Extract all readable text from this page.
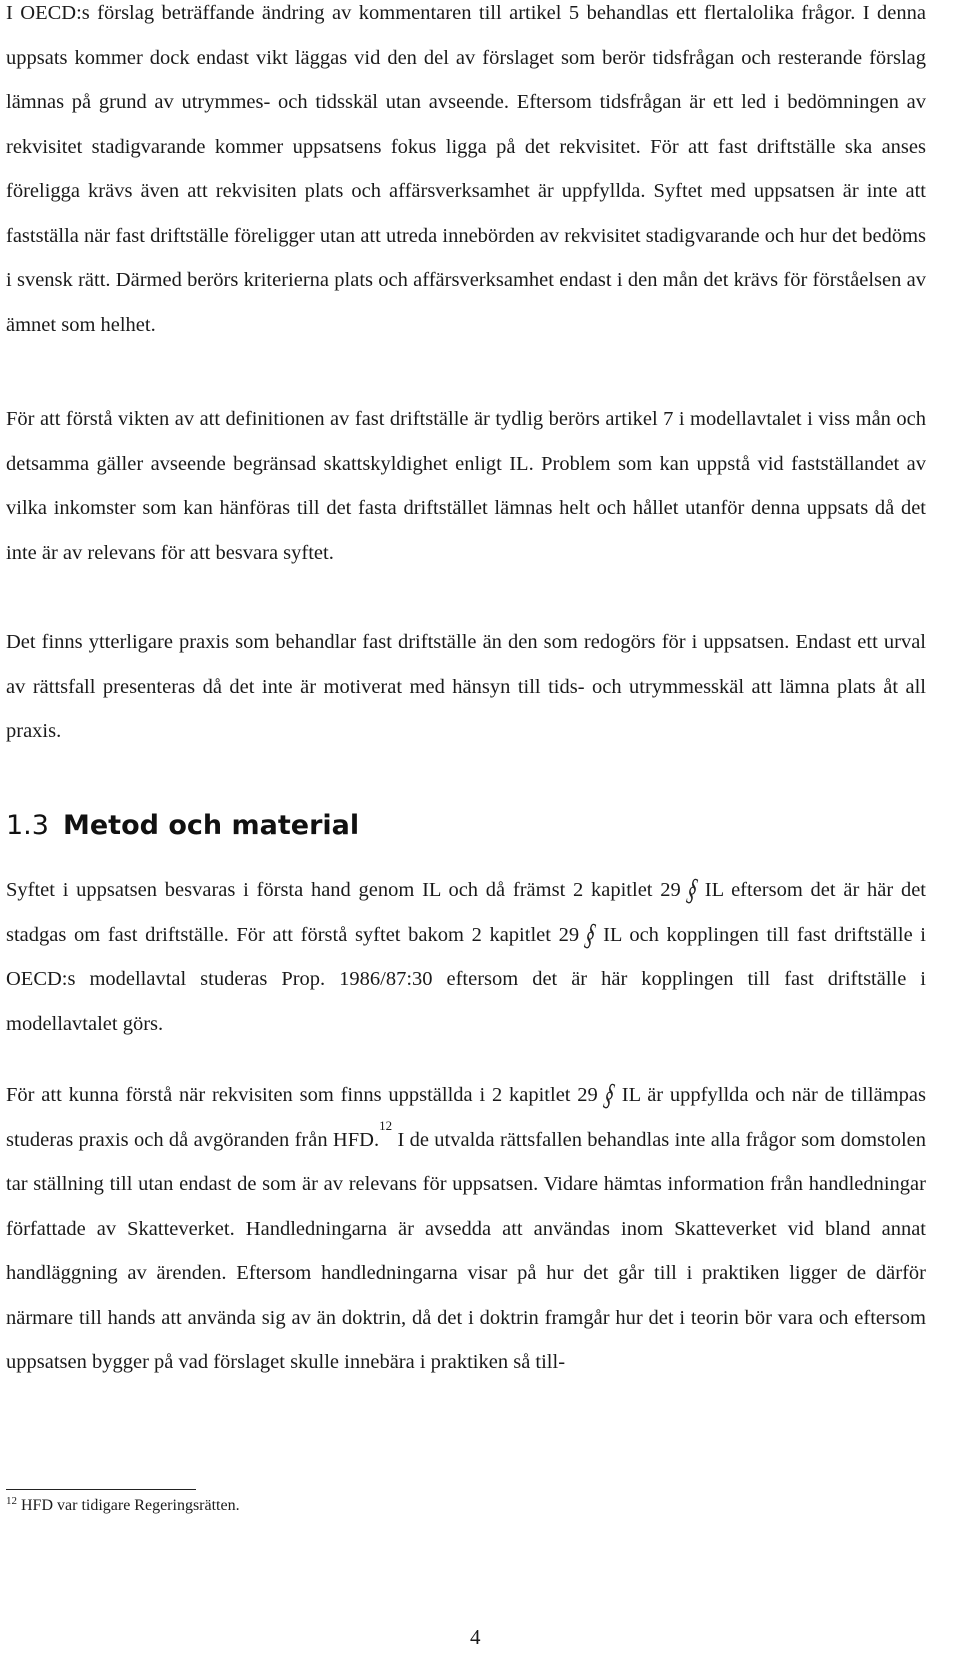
I OECD:s förslag beträffande ändring av kommentaren till artikel 5 behandlas ett flertalolika frågor. I denna uppsats kommer dock endast vikt läggas vid den del av förslaget som berör tidsfrågan och resterande förslag lämnas på grund av utrymmes- och tidsskäl utan avseende. Eftersom tidsfrågan är ett led i bedömningen av rekvisitet stadigvarande kommer uppsatsens fokus ligga på det rekvisitet. För att fast driftställe ska anses föreligga krävs även att rekvisiten plats och affärsverksamhet är uppfyllda. Syftet med uppsatsen är inte att fastställa när fast driftställe föreligger utan att utreda innebörden av rekvisitet stadigvarande och hur det bedöms i svensk rätt. Därmed berörs kriterierna plats och affärsverksamhet endast i den mån det krävs för förståelsen av ämnet som helhet.

För att förstå vikten av att definitionen av fast driftställe är tydlig berörs artikel 7 i modellavtalet i viss mån och detsamma gäller avseende begränsad skattskyldighet enligt IL. Problem som kan uppstå vid fastställandet av vilka inkomster som kan hänföras till det fasta driftstället lämnas helt och hållet utanför denna uppsats då det inte är av relevans för att besvara syftet.

Det finns ytterligare praxis som behandlar fast driftställe än den som redogörs för i uppsatsen. Endast ett urval av rättsfall presenteras då det inte är motiverat med hänsyn till tids- och utrymmesskäl att lämna plats åt all praxis.

1.3 Metod och material

Syftet i uppsatsen besvaras i första hand genom IL och då främst 2 kapitlet 29§ IL eftersom det är här det stadgas om fast driftställe. För att förstå syftet bakom 2 kapitlet 29§ IL och kopplingen till fast driftställe i OECD:s modellavtal studeras Prop. 1986/87:30 eftersom det är här kopplingen till fast driftställe i modellavtalet görs.

För att kunna förstå när rekvisiten som finns uppställda i 2 kapitlet 29§ IL är uppfyllda och när de tillämpas studeras praxis och då avgöranden från HFD.$^{12}$ I de utvalda rättsfallen behandlas inte alla frågor som domstolen tar ställning till utan endast de som är av relevans för uppsatsen. Vidare hämtas information från handledningar författade av Skatteverket. Handledningarna är avsedda att användas inom Skatteverket vid bland annat handläggning av ärenden. Eftersom handledningarna visar på hur det går till i praktiken ligger de därför närmare till hands att använda sig av än doktrin, då det i doktrin framgår hur det i teorin bör vara och eftersom uppsatsen bygger på vad förslaget skulle innebära i praktiken så till-

$^{12}$ HFD var tidigare Regeringsrätten.
4
